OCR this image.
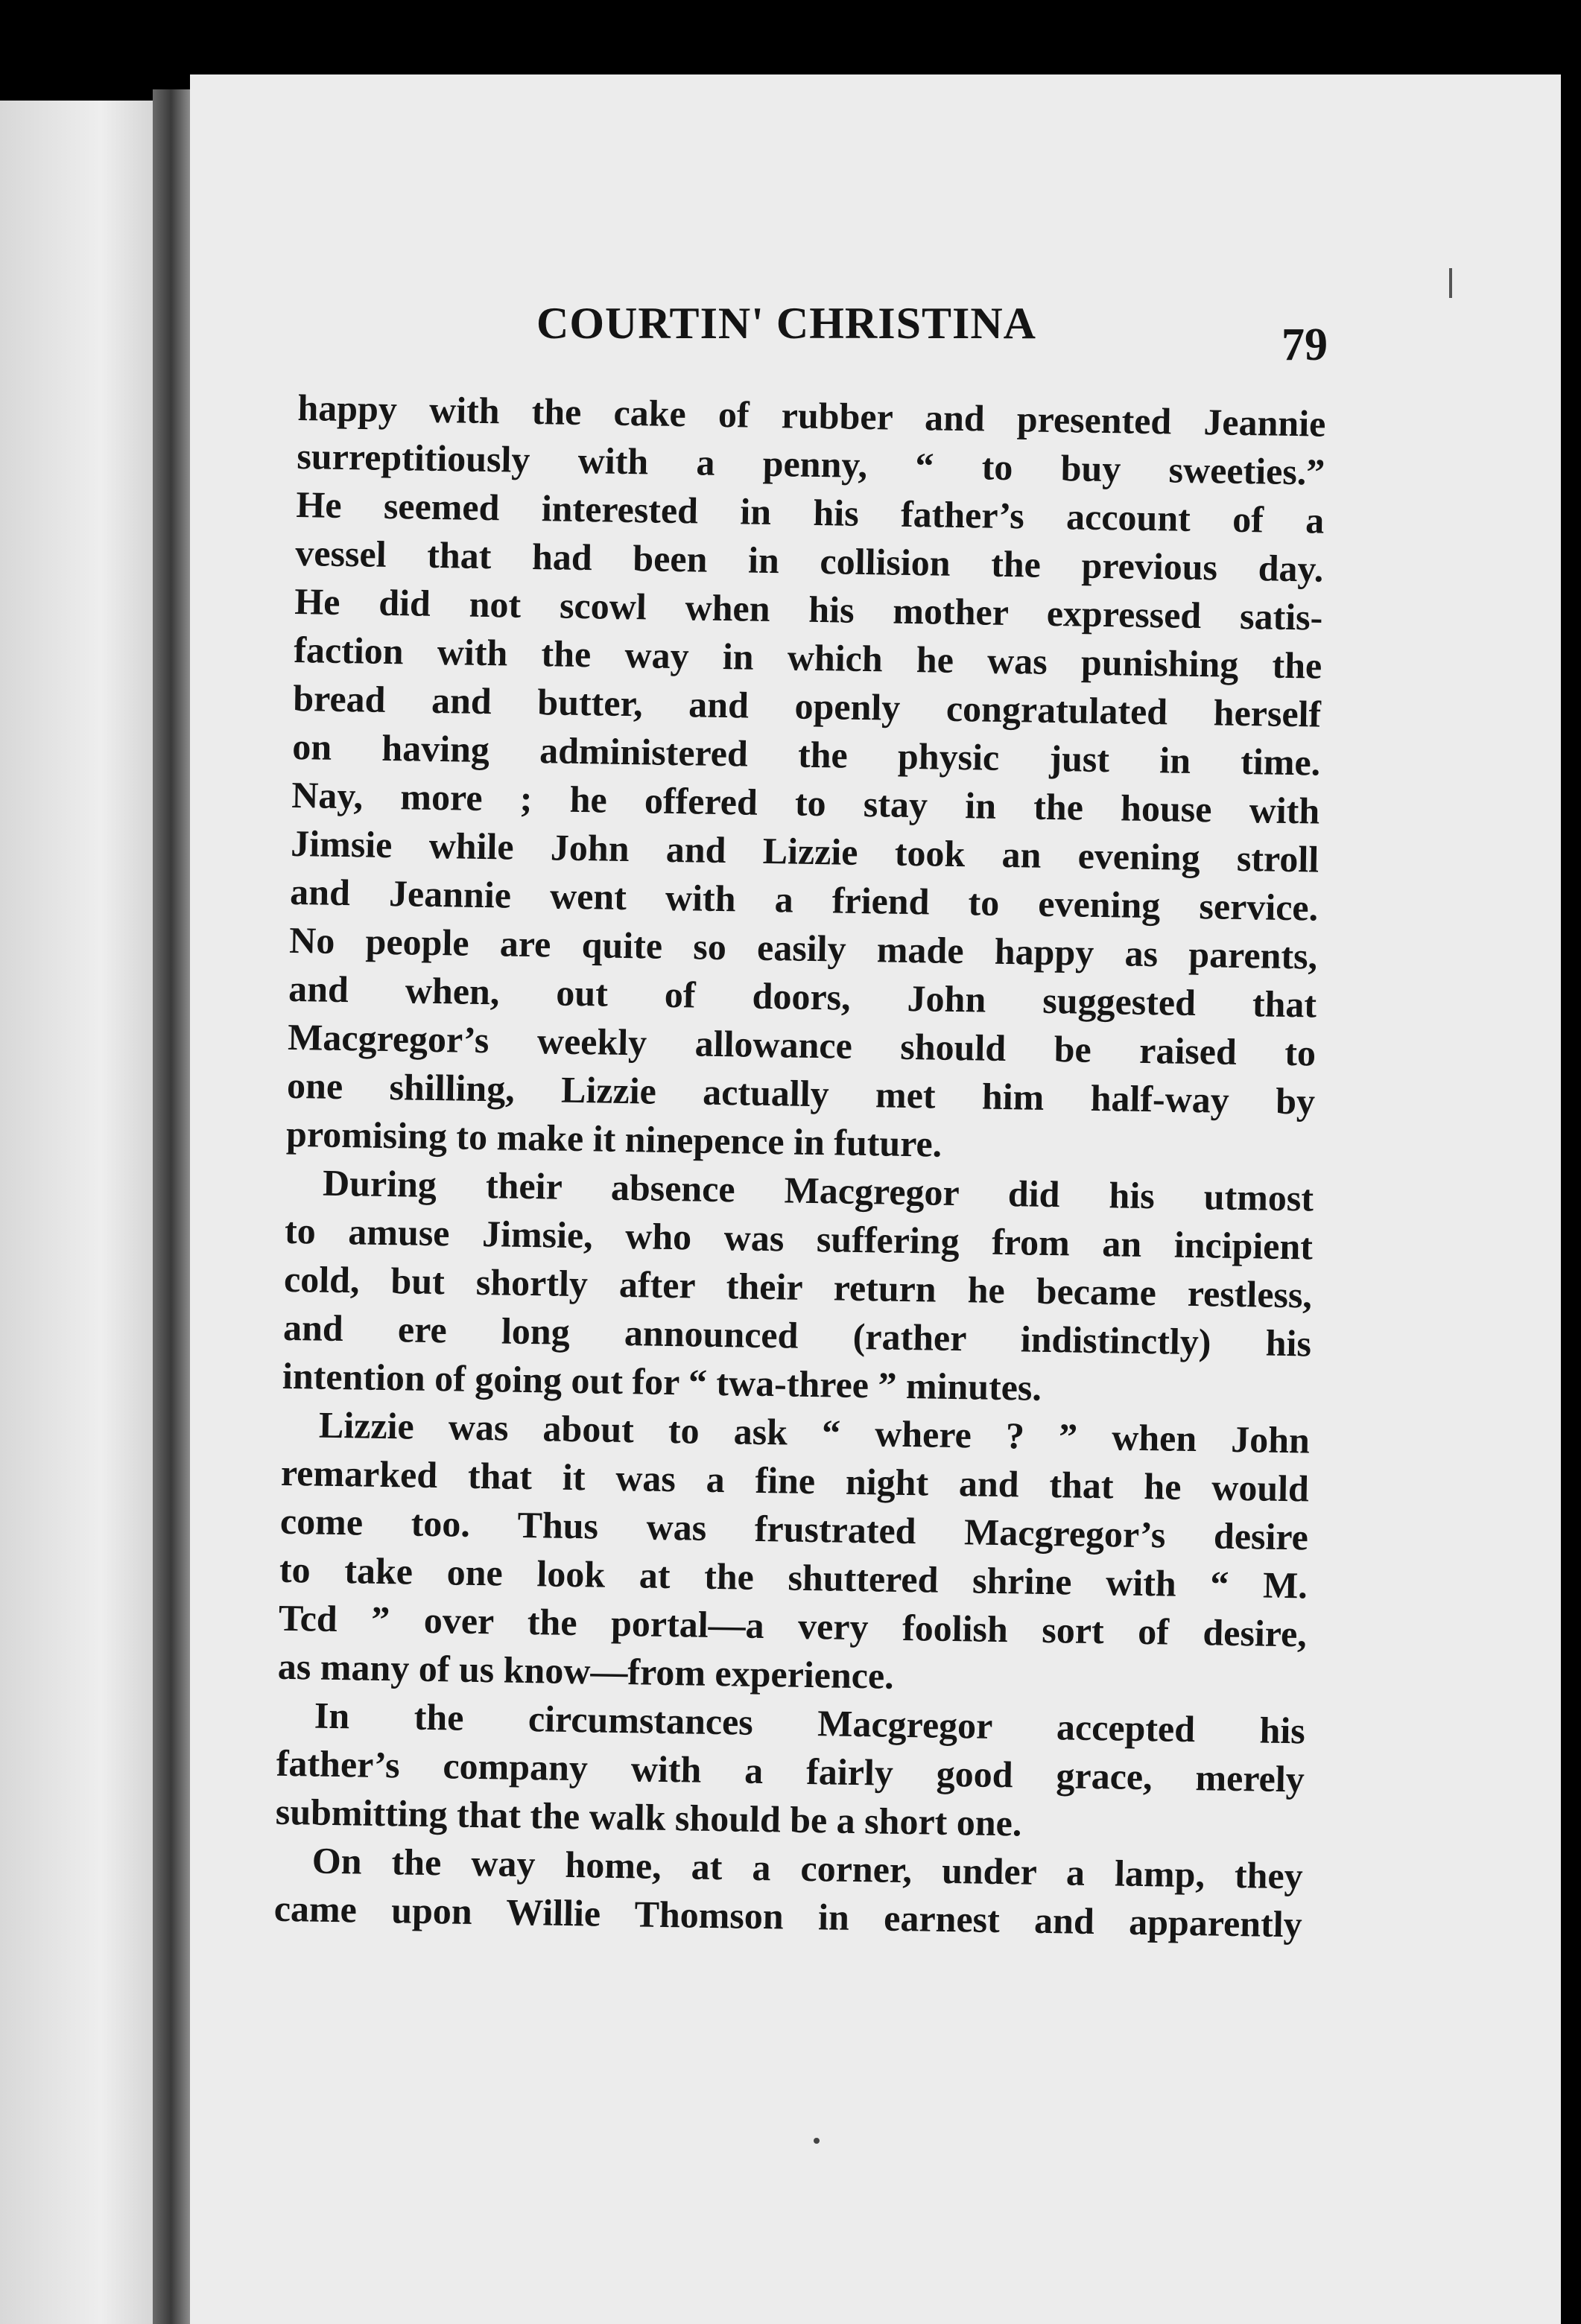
COURTIN' CHRISTINA	79

happy with the cake of rubber and presented Jeannie
surreptitiously with a penny, “ to buy sweeties.”
He seemed interested in his father’s account of a
vessel that had been in collision the previous day.
He did not scowl when his mother expressed satis-
faction with the way in which he was punishing the
bread and butter, and openly congratulated herself
on having administered the physic just in time.
Nay, more ; he offered to stay in the house with
Jimsie while John and Lizzie took an evening stroll
and Jeannie went with a friend to evening service.
No people are quite so easily made happy as parents,
and when, out of doors, John suggested that
Macgregor’s weekly allowance should be raised to
one shilling, Lizzie actually met him half-way by
promising to make it ninepence in future.

During their absence Macgregor did his utmost
to amuse Jimsie, who was suffering from an incipient
cold, but shortly after their return he became restless,
and ere long announced (rather indistinctly) his
intention of going out for “ twa-three ” minutes.

Lizzie was about to ask “ where ? ” when John
remarked that it was a fine night and that he would
come too. Thus was frustrated Macgregor’s desire
to take one look at the shuttered shrine with “ M.
Tcd ” over the portal—a very foolish sort of desire,
as many of us know—from experience.

In the circumstances Macgregor accepted his
father’s company with a fairly good grace, merely
submitting that the walk should be a short one.

On the way home, at a corner, under a lamp, they
came upon Willie Thomson in earnest and apparently
